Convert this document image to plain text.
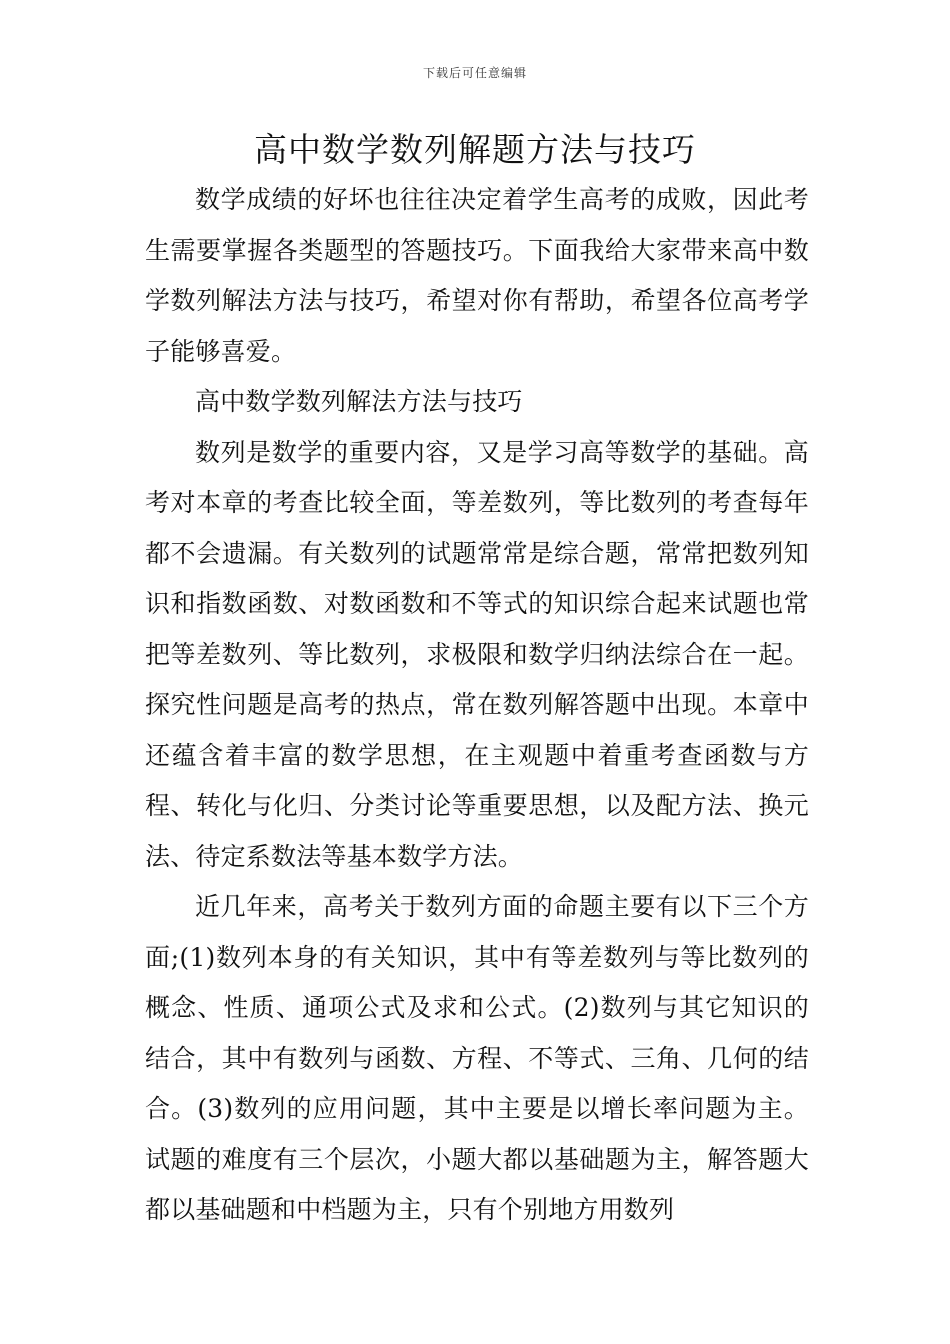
下载后可任意编辑
高中数学数列解题方法与技巧

数学成绩的好坏也往往决定着学生高考的成败，因此考生需要掌握各类题型的答题技巧。下面我给大家带来高中数学数列解法方法与技巧，希望对你有帮助，希望各位高考学子能够喜爱。

高中数学数列解法方法与技巧

数列是数学的重要内容，又是学习高等数学的基础。高考对本章的考查比较全面，等差数列，等比数列的考查每年都不会遗漏。有关数列的试题常常是综合题，常常把数列知识和指数函数、对数函数和不等式的知识综合起来试题也常把等差数列、等比数列，求极限和数学归纳法综合在一起。探究性问题是高考的热点，常在数列解答题中出现。本章中还蕴含着丰富的数学思想，在主观题中着重考查函数与方程、转化与化归、分类讨论等重要思想，以及配方法、换元法、待定系数法等基本数学方法。

近几年来，高考关于数列方面的命题主要有以下三个方面;(1)数列本身的有关知识，其中有等差数列与等比数列的概念、性质、通项公式及求和公式。(2)数列与其它知识的结合，其中有数列与函数、方程、不等式、三角、几何的结合。(3)数列的应用问题，其中主要是以增长率问题为主。试题的难度有三个层次，小题大都以基础题为主，解答题大都以基础题和中档题为主，只有个别地方用数列
